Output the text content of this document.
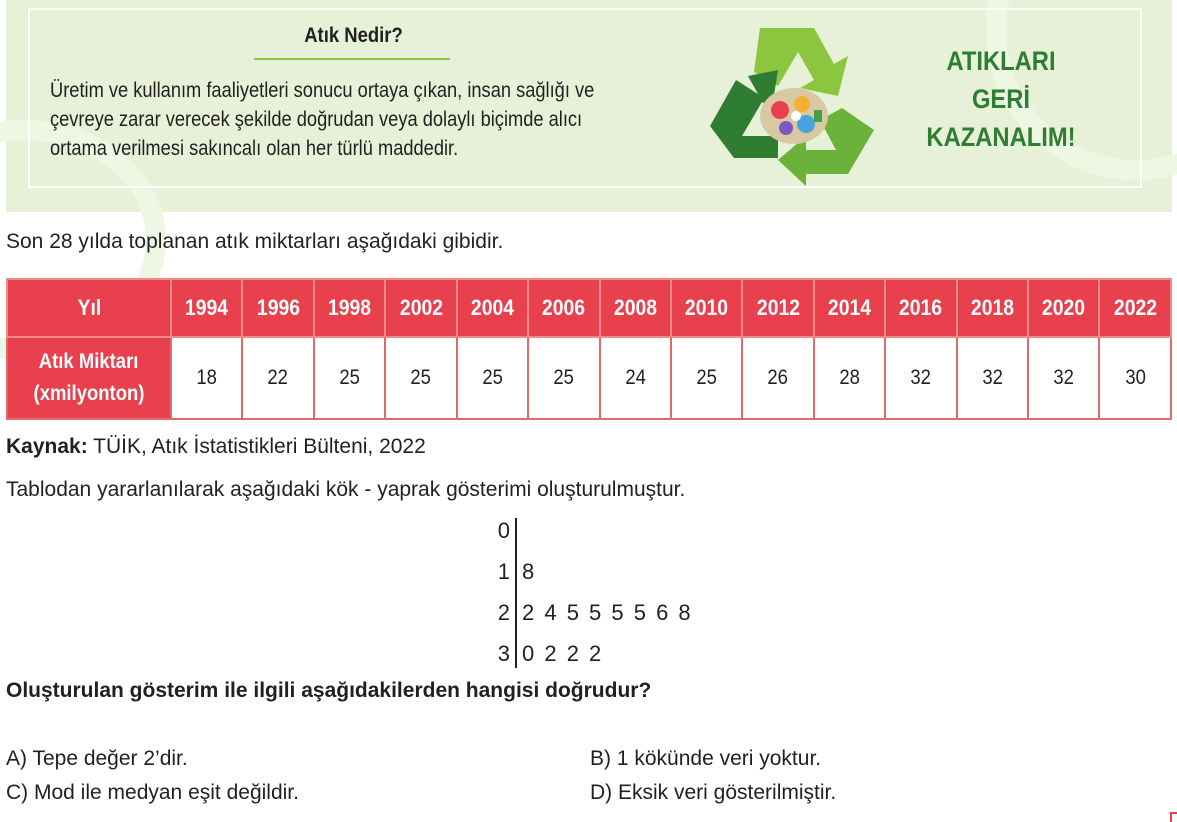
Atık Nedir?
Üretim ve kullanım faaliyetleri sonucu ortaya çıkan, insan sağlığı ve
çevreye zarar verecek şekilde doğrudan veya dolaylı biçimde alıcı
ortama verilmesi sakıncalı olan her türlü maddedir.
ATIKLARI
GERİ
KAZANALIM!
Son 28 yılda toplanan atık miktarları aşağıdaki gibidir.
Yıl	1994	1996	1998	2002	2004	2006	2008	2010	2012	2014	2016	2018	2020	2022
Atık Miktarı
(xmilyonton)	18	22	25	25	25	25	24	25	26	28	32	32	32	30
Kaynak: TÜİK, Atık İstatistikleri Bülteni, 2022
Tablodan yararlanılarak aşağıdaki kök - yaprak gösterimi oluşturulmuştur.
0
1 8
2 2 4 5 5 5 5 6 8
3 0 2 2 2
Oluşturulan gösterim ile ilgili aşağıdakilerden hangisi doğrudur?
A) Tepe değer 2’dir.	B) 1 kökünde veri yoktur.
C) Mod ile medyan eşit değildir.	D) Eksik veri gösterilmiştir.
